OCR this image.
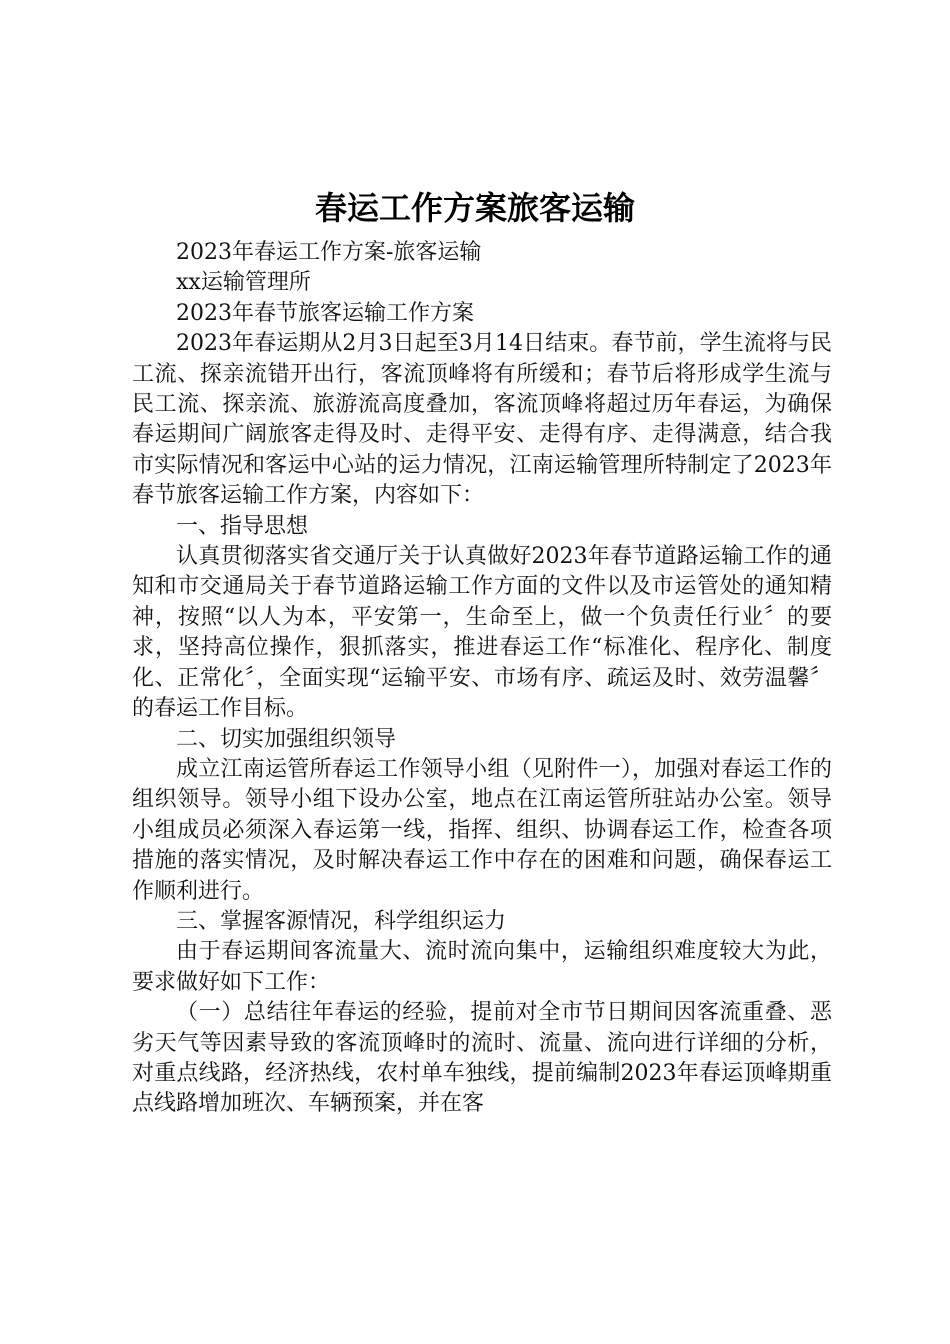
春运工作方案旅客运输

2023年春运工作方案-旅客运输

xx运输管理所

2023年春节旅客运输工作方案

2023年春运期从2月3日起至3月14日结束。春节前，学生流将与民工流、探亲流错开出行，客流顶峰将有所缓和；春节后将形成学生流与民工流、探亲流、旅游流高度叠加，客流顶峰将超过历年春运，为确保春运期间广阔旅客走得及时、走得平安、走得有序、走得满意，结合我市实际情况和客运中心站的运力情况，江南运输管理所特制定了2023年春节旅客运输工作方案，内容如下：

一、指导思想

认真贯彻落实省交通厅关于认真做好2023年春节道路运输工作的通知和市交通局关于春节道路运输工作方面的文件以及市运管处的通知精神，按照“以人为本，平安第一，生命至上，做一个负责任行业〞的要求，坚持高位操作，狠抓落实，推进春运工作“标准化、程序化、制度化、正常化〞，全面实现“运输平安、市场有序、疏运及时、效劳温馨〞的春运工作目标。

二、切实加强组织领导

成立江南运管所春运工作领导小组（见附件一），加强对春运工作的组织领导。领导小组下设办公室，地点在江南运管所驻站办公室。领导小组成员必须深入春运第一线，指挥、组织、协调春运工作，检查各项措施的落实情况，及时解决春运工作中存在的困难和问题，确保春运工作顺利进行。

三、掌握客源情况，科学组织运力

由于春运期间客流量大、流时流向集中，运输组织难度较大为此，要求做好如下工作：

（一）总结往年春运的经验，提前对全市节日期间因客流重叠、恶劣天气等因素导致的客流顶峰时的流时、流量、流向进行详细的分析，对重点线路，经济热线，农村单车独线，提前编制2023年春运顶峰期重点线路增加班次、车辆预案，并在客
